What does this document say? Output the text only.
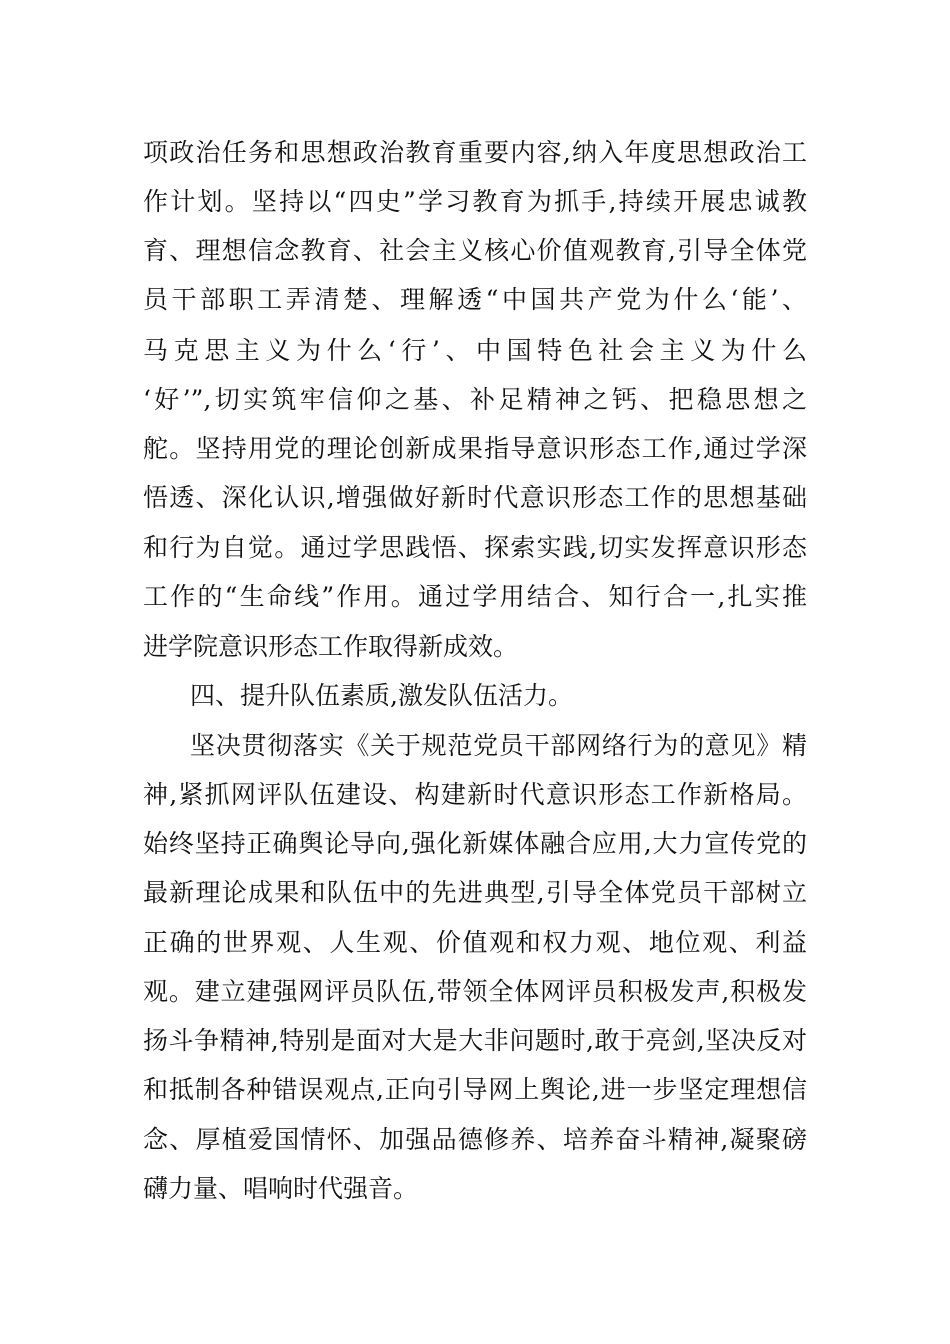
项政治任务和思想政治教育重要内容,纳入年度思想政治工
作计划。坚持以“四史”学习教育为抓手,持续开展忠诚教
育、理想信念教育、社会主义核心价值观教育,引导全体党
员干部职工弄清楚、理解透“中国共产党为什么‘能’、
马克思主义为什么‘行’、中国特色社会主义为什么
‘好’”,切实筑牢信仰之基、补足精神之钙、把稳思想之
舵。坚持用党的理论创新成果指导意识形态工作,通过学深
悟透、深化认识,增强做好新时代意识形态工作的思想基础
和行为自觉。通过学思践悟、探索实践,切实发挥意识形态
工作的“生命线”作用。通过学用结合、知行合一,扎实推
进学院意识形态工作取得新成效。
四、提升队伍素质,激发队伍活力。
坚决贯彻落实《关于规范党员干部网络行为的意见》精
神,紧抓网评队伍建设、构建新时代意识形态工作新格局。
始终坚持正确舆论导向,强化新媒体融合应用,大力宣传党的
最新理论成果和队伍中的先进典型,引导全体党员干部树立
正确的世界观、人生观、价值观和权力观、地位观、利益
观。建立建强网评员队伍,带领全体网评员积极发声,积极发
扬斗争精神,特别是面对大是大非问题时,敢于亮剑,坚决反对
和抵制各种错误观点,正向引导网上舆论,进一步坚定理想信
念、厚植爱国情怀、加强品德修养、培养奋斗精神,凝聚磅
礴力量、唱响时代强音。
